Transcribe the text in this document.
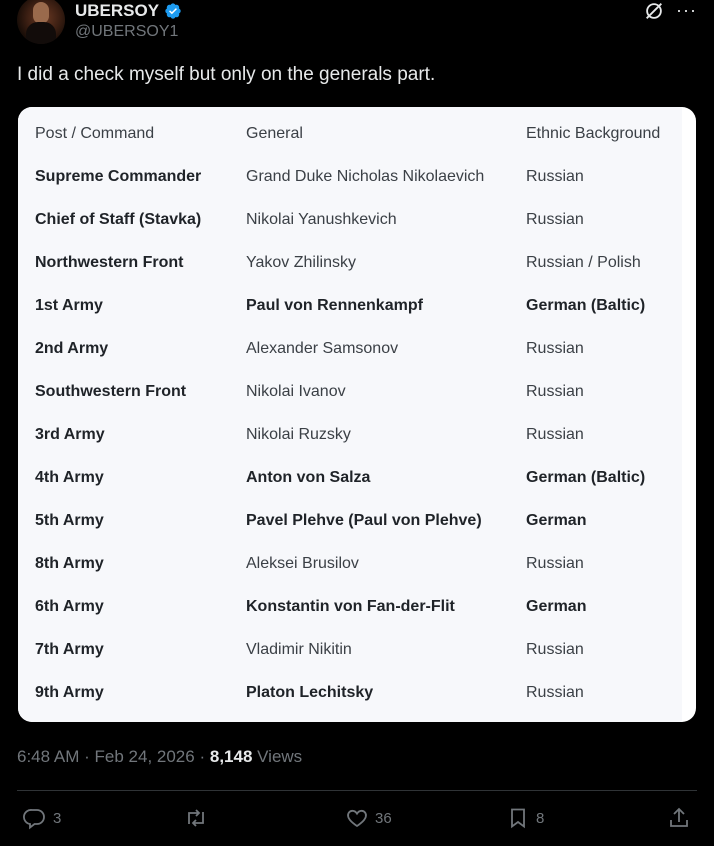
UBERSOY
@UBERSOY1
···
I did a check myself but only on the generals part.
Post / Command	General	Ethnic Background
Supreme Commander	Grand Duke Nicholas Nikolaevich	Russian
Chief of Staff (Stavka)	Nikolai Yanushkevich	Russian
Northwestern Front	Yakov Zhilinsky	Russian / Polish
1st Army	Paul von Rennenkampf	German (Baltic)
2nd Army	Alexander Samsonov	Russian
Southwestern Front	Nikolai Ivanov	Russian
3rd Army	Nikolai Ruzsky	Russian
4th Army	Anton von Salza	German (Baltic)
5th Army	Pavel Plehve (Paul von Plehve)	German
8th Army	Aleksei Brusilov	Russian
6th Army	Konstantin von Fan-der-Flit	German
7th Army	Vladimir Nikitin	Russian
9th Army	Platon Lechitsky	Russian
6:48 AM · Feb 24, 2026 · 8,148 Views
3	36	8
